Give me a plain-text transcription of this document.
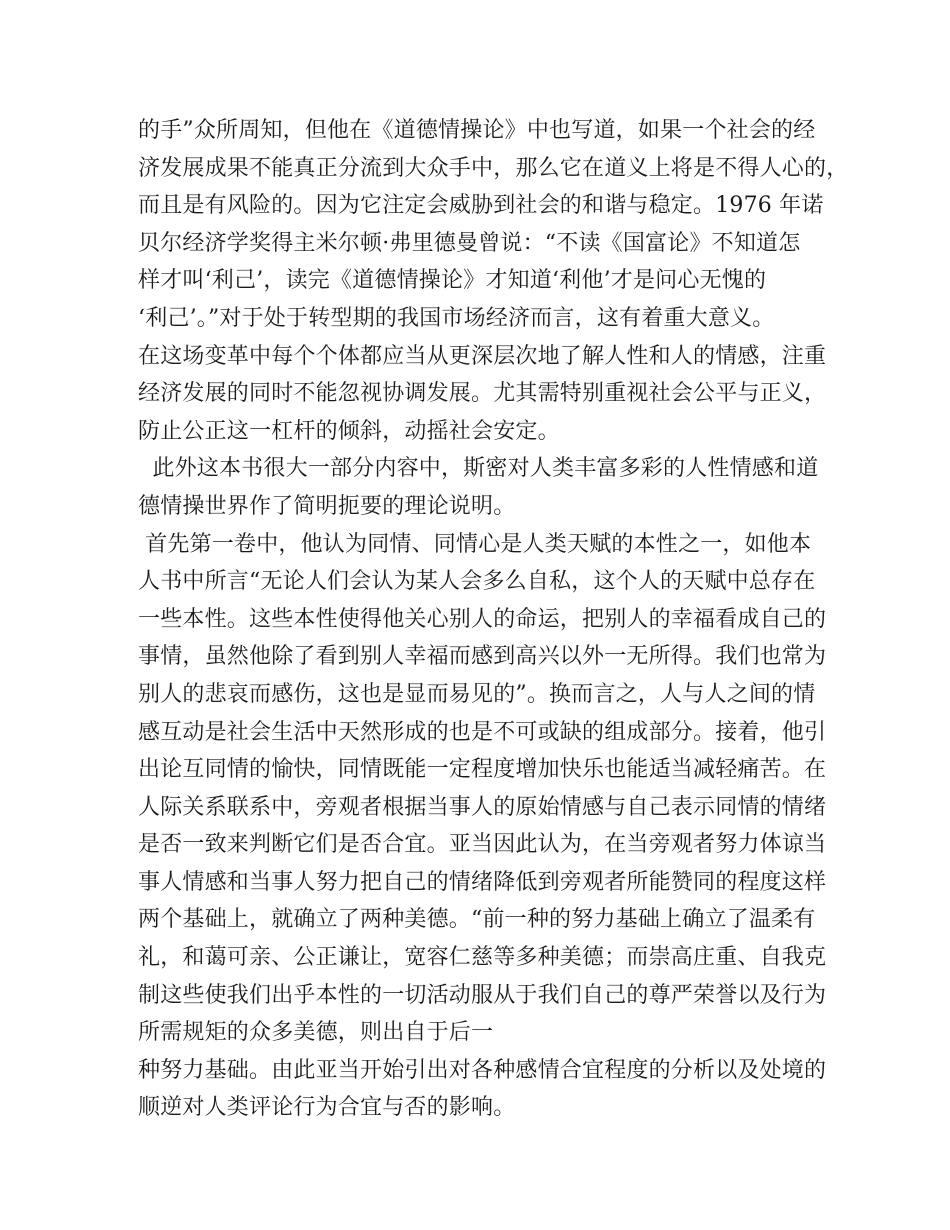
的手”众所周知，但他在《道德情操论》中也写道，如果一个社会的经
济发展成果不能真正分流到大众手中，那么它在道义上将是不得人心的，
而且是有风险的。因为它注定会威胁到社会的和谐与稳定。1976 年诺
贝尔经济学奖得主米尔顿·弗里德曼曾说：“不读《国富论》不知道怎
样才叫‘利己’，读完《道德情操论》才知道‘利他’才是问心无愧的
‘利己’。”对于处于转型期的我国市场经济而言，这有着重大意义。
在这场变革中每个个体都应当从更深层次地了解人性和人的情感，注重
经济发展的同时不能忽视协调发展。尤其需特别重视社会公平与正义，
防止公正这一杠杆的倾斜，动摇社会安定。
此外这本书很大一部分内容中，斯密对人类丰富多彩的人性情感和道
德情操世界作了简明扼要的理论说明。
首先第一卷中，他认为同情、同情心是人类天赋的本性之一，如他本
人书中所言“无论人们会认为某人会多么自私，这个人的天赋中总存在
一些本性。这些本性使得他关心别人的命运，把别人的幸福看成自己的
事情，虽然他除了看到别人幸福而感到高兴以外一无所得。我们也常为
别人的悲哀而感伤，这也是显而易见的”。换而言之，人与人之间的情
感互动是社会生活中天然形成的也是不可或缺的组成部分。接着，他引
出论互同情的愉快，同情既能一定程度增加快乐也能适当减轻痛苦。在
人际关系联系中，旁观者根据当事人的原始情感与自己表示同情的情绪
是否一致来判断它们是否合宜。亚当因此认为，在当旁观者努力体谅当
事人情感和当事人努力把自己的情绪降低到旁观者所能赞同的程度这样
两个基础上，就确立了两种美德。“前一种的努力基础上确立了温柔有
礼，和蔼可亲、公正谦让，宽容仁慈等多种美德；而崇高庄重、自我克
制这些使我们出乎本性的一切活动服从于我们自己的尊严荣誉以及行为
所需规矩的众多美德，则出自于后一
种努力基础。由此亚当开始引出对各种感情合宜程度的分析以及处境的
顺逆对人类评论行为合宜与否的影响。
